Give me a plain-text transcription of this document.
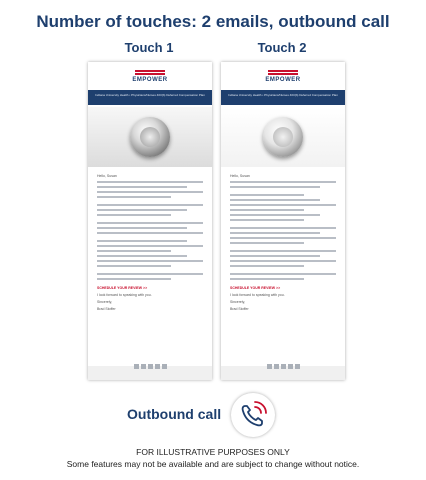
Number of touches: 2 emails, outbound call
Touch 1	Touch 2
EMPOWER
Indiana University Health • Physicians/Nurses 403(b) Deferred Compensation Plan
Hello, Susan
SCHEDULE YOUR REVIEW >>
I look forward to speaking with you.
Sincerely,
Brad Stoffer
EMPOWER
Indiana University Health • Physicians/Nurses 403(b) Deferred Compensation Plan
Hello, Susan
SCHEDULE YOUR REVIEW >>
I look forward to speaking with you.
Sincerely,
Brad Stoffer
Outbound call
FOR ILLUSTRATIVE PURPOSES ONLY
Some features may not be available and are subject to change without notice.
